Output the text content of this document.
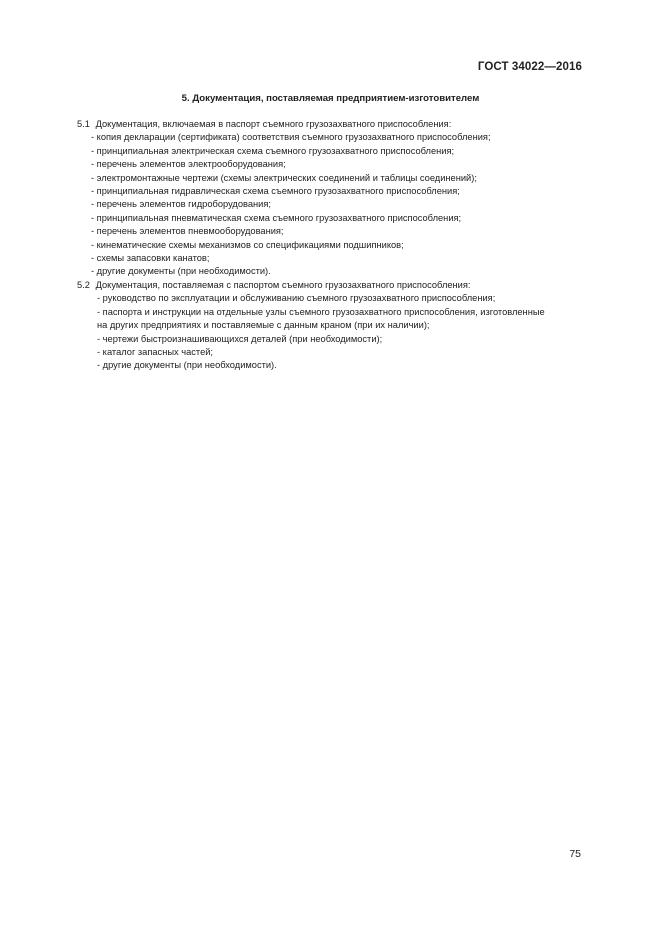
ГОСТ 34022—2016
5. Документация, поставляемая предприятием-изготовителем
5.1 Документация, включаемая в паспорт съемного грузозахватного приспособления:
- копия декларации (сертификата) соответствия съемного грузозахватного приспособления;
- принципиальная электрическая схема съемного грузозахватного приспособления;
- перечень элементов электрооборудования;
- электромонтажные чертежи (схемы электрических соединений и таблицы соединений);
- принципиальная гидравлическая схема съемного грузозахватного приспособления;
- перечень элементов гидроборудования;
- принципиальная пневматическая схема съемного грузозахватного приспособления;
- перечень элементов пневмооборудования;
- кинематические схемы механизмов со спецификациями подшипников;
- схемы запасовки канатов;
- другие документы (при необходимости).
5.2 Документация, поставляемая с паспортом съемного грузозахватного приспособления:
- руководство по эксплуатации и обслуживанию съемного грузозахватного приспособления;
- паспорта и инструкции на отдельные узлы съемного грузозахватного приспособления, изготовленные
на других предприятиях и поставляемые с данным краном (при их наличии);
- чертежи быстроизнашивающихся деталей (при необходимости);
- каталог запасных частей;
- другие документы (при необходимости).
75
